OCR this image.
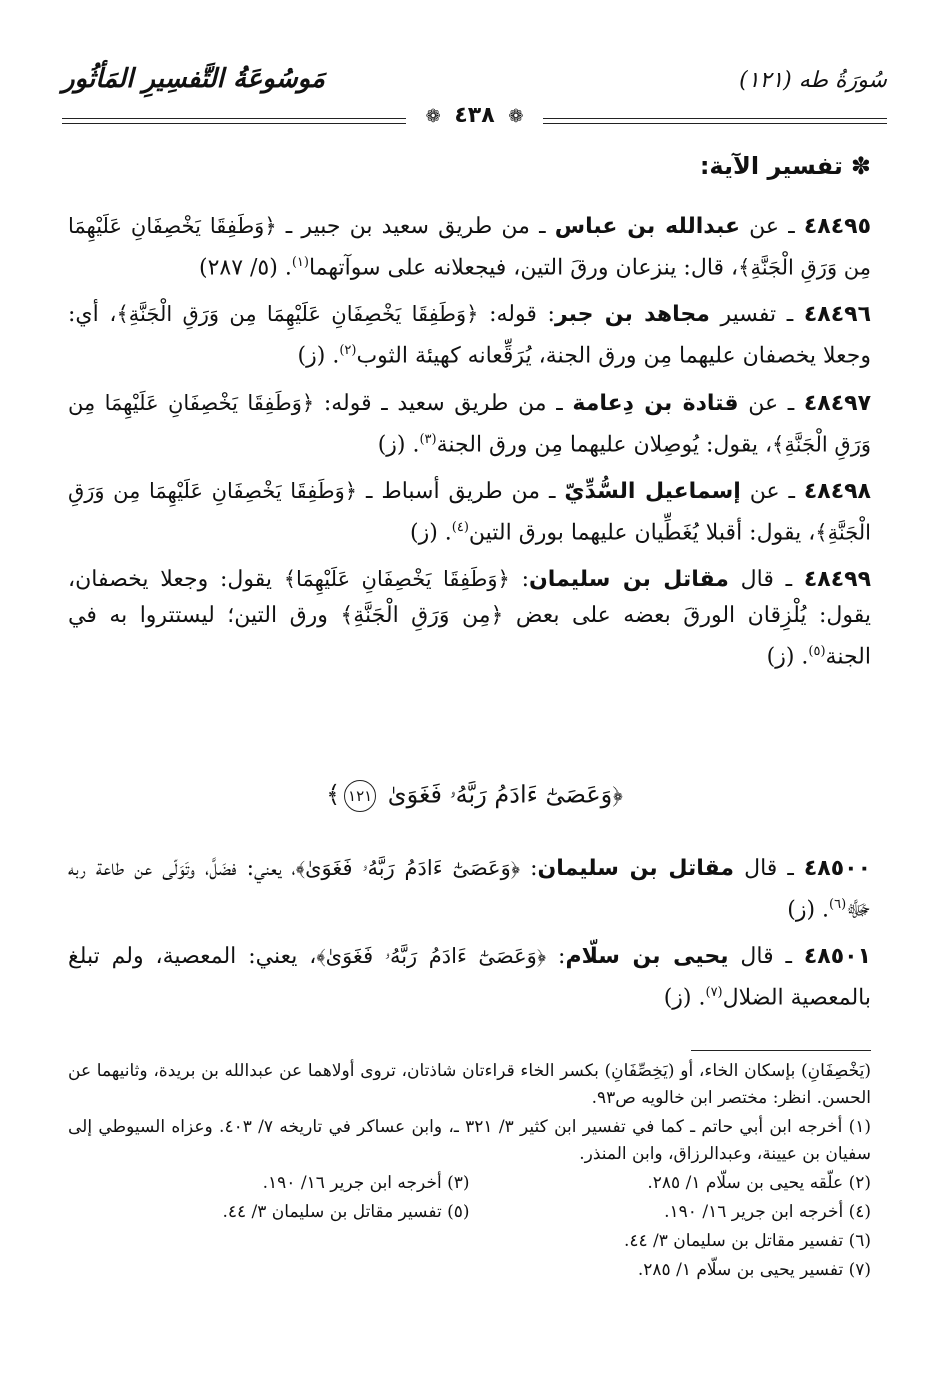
سُورَةُ طه (١٢١)
مَوسُوعَةُ التَّفسِيرِ المَأثُور
❁ ٤٣٨ ❁
✽تفسير الآية:

٤٨٤٩٥ ـ عن عبدالله بن عباس ـ من طريق سعيد بن جبير ـ ﴿وَطَفِقَا يَخْصِفَانِ عَلَيْهِمَا مِن وَرَقِ الْجَنَّةِ﴾، قال: ينزعان ورقَ التين، فيجعلانه على سوآتهما$^{(١)}$. (٥/ ٢٨٧)

٤٨٤٩٦ ـ تفسير مجاهد بن جبر: قوله: ﴿وَطَفِقَا يَخْصِفَانِ عَلَيْهِمَا مِن وَرَقِ الْجَنَّةِ﴾، أي: وجعلا يخصفان عليهما مِن ورق الجنة، يُرَقِّعانه كهيئة الثوب$^{(٢)}$. (ز)

٤٨٤٩٧ ـ عن قتادة بن دِعامة ـ من طريق سعيد ـ قوله: ﴿وَطَفِقَا يَخْصِفَانِ عَلَيْهِمَا مِن وَرَقِ الْجَنَّةِ﴾، يقول: يُوصِلان عليهما مِن ورق الجنة$^{(٣)}$. (ز)

٤٨٤٩٨ ـ عن إسماعيل السُّدِّيّ ـ من طريق أسباط ـ ﴿وَطَفِقَا يَخْصِفَانِ عَلَيْهِمَا مِن وَرَقِ الْجَنَّةِ﴾، يقول: أقبلا يُغَطِّيان عليهما بورق التين$^{(٤)}$. (ز)

٤٨٤٩٩ ـ قال مقاتل بن سليمان: ﴿وَطَفِقَا يَخْصِفَانِ عَلَيْهِمَا﴾ يقول: وجعلا يخصفان، يقول: يُلْزِقان الورقَ بعضه على بعض ﴿مِن وَرَقِ الْجَنَّةِ﴾ ورق التين؛ ليستتروا به في الجنة$^{(٥)}$. (ز)

﴿وَعَصَىٰٓ ءَادَمُ رَبَّهُۥ فَغَوَىٰ ١٢١﴾

٤٨٥٠٠ ـ قال مقاتل بن سليمان: ﴿وَعَصَىٰٓ ءَادَمُ رَبَّهُۥ فَغَوَىٰ﴾، يعني: فضَلَّ، وتَوَلّى عن طاعة ربه ﷻ$^{(٦)}$. (ز)

٤٨٥٠١ ـ قال يحيى بن سلّام: ﴿وَعَصَىٰٓ ءَادَمُ رَبَّهُۥ فَغَوَىٰ﴾، يعني: المعصية، ولم تبلغ بالمعصية الضلال$^{(٧)}$. (ز)

(يَخْصِفَانِ) بإسكان الخاء، أو (يَخِصِّفَانِ) بكسر الخاء قراءتان شاذتان، تروى أولاهما عن عبدالله بن بريدة، وثانيهما عن الحسن. انظر: مختصر ابن خالويه ص٩٣.

(١) أخرجه ابن أبي حاتم ـ كما في تفسير ابن كثير ٣/ ٣٢١ ـ، وابن عساكر في تاريخه ٧/ ٤٠٣. وعزاه السيوطي إلى سفيان بن عيينة، وعبدالرزاق، وابن المنذر.

(٢) علّقه يحيى بن سلّام ١/ ٢٨٥.

(٣) أخرجه ابن جرير ١٦/ ١٩٠.

(٤) أخرجه ابن جرير ١٦/ ١٩٠.

(٥) تفسير مقاتل بن سليمان ٣/ ٤٤.

(٦) تفسير مقاتل بن سليمان ٣/ ٤٤.

(٧) تفسير يحيى بن سلّام ١/ ٢٨٥.
